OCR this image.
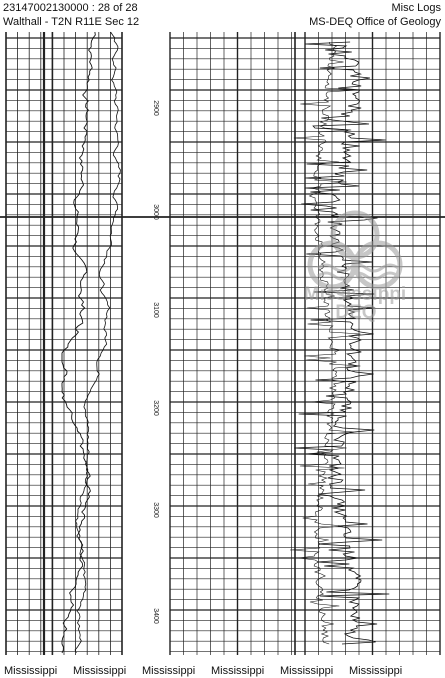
23147002130000 : 28 of 28
Walthall - T2N R11E Sec 12
Misc Logs
MS-DEQ Office of Geology
2900
3000
3100
3200
3300
3400
Mississippi
DEQ
Mississippi Mississippi Mississippi Mississippi Mississippi Mississippi
